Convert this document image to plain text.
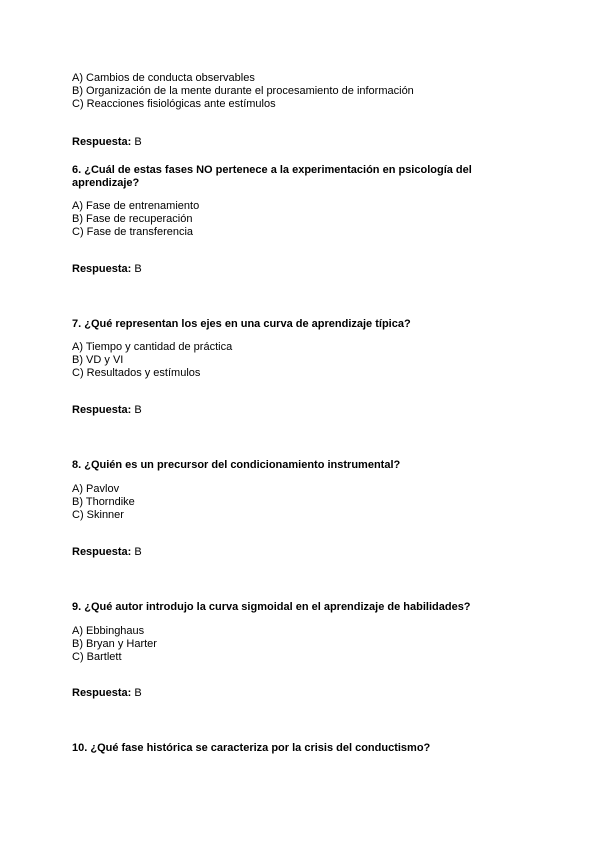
A) Cambios de conducta observables
B) Organización de la mente durante el procesamiento de información
C) Reacciones fisiológicas ante estímulos
Respuesta: B
6. ¿Cuál de estas fases NO pertenece a la experimentación en psicología del aprendizaje?
A) Fase de entrenamiento
B) Fase de recuperación
C) Fase de transferencia
Respuesta: B
7. ¿Qué representan los ejes en una curva de aprendizaje típica?
A) Tiempo y cantidad de práctica
B) VD y VI
C) Resultados y estímulos
Respuesta: B
8. ¿Quién es un precursor del condicionamiento instrumental?
A) Pavlov
B) Thorndike
C) Skinner
Respuesta: B
9. ¿Qué autor introdujo la curva sigmoidal en el aprendizaje de habilidades?
A) Ebbinghaus
B) Bryan y Harter
C) Bartlett
Respuesta: B
10. ¿Qué fase histórica se caracteriza por la crisis del conductismo?
